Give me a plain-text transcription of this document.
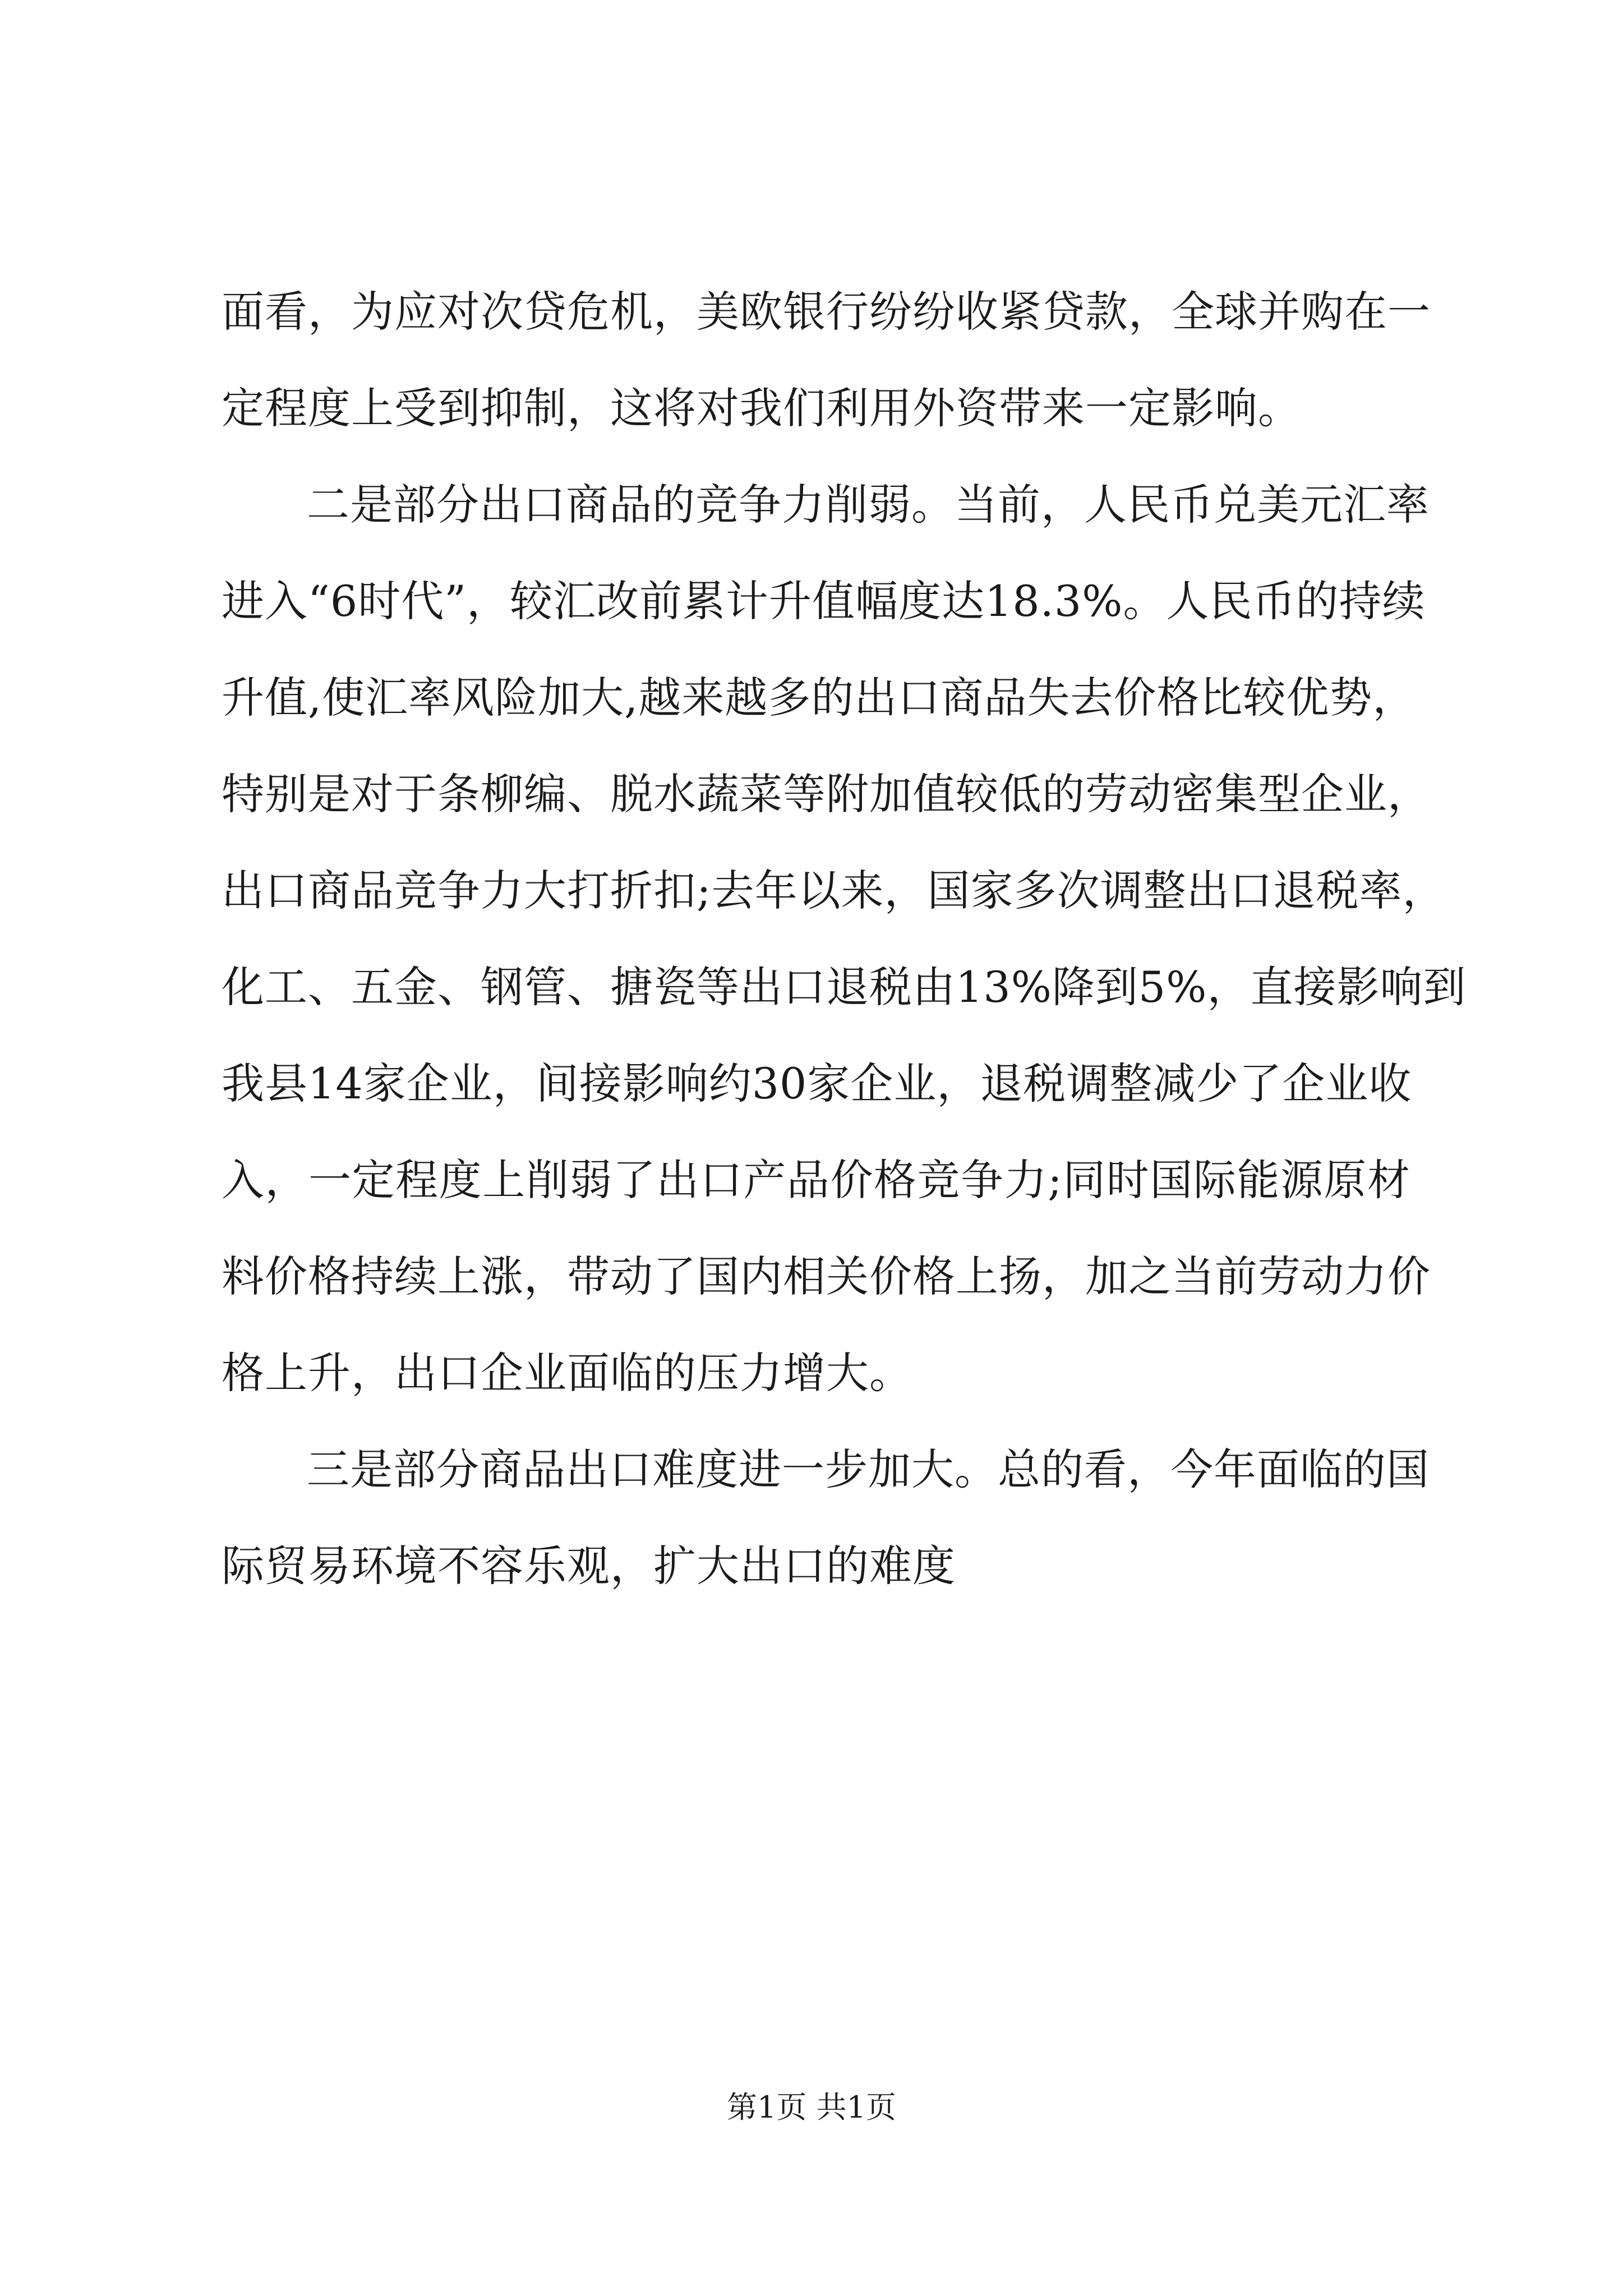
面看，为应对次贷危机，美欧银行纷纷收紧贷款，全球并购在一
定程度上受到抑制，这将对我们利用外资带来一定影响。
二是部分出口商品的竞争力削弱。当前，人民币兑美元汇率
进入“6时代”，较汇改前累计升值幅度达18.3%。人民币的持续
升值,使汇率风险加大,越来越多的出口商品失去价格比较优势，
特别是对于条柳编、脱水蔬菜等附加值较低的劳动密集型企业，
出口商品竞争力大打折扣;去年以来，国家多次调整出口退税率，
化工、五金、钢管、搪瓷等出口退税由13%降到5%，直接影响到
我县14家企业，间接影响约30家企业，退税调整减少了企业收
入，一定程度上削弱了出口产品价格竞争力;同时国际能源原材
料价格持续上涨，带动了国内相关价格上扬，加之当前劳动力价
格上升，出口企业面临的压力增大。
三是部分商品出口难度进一步加大。总的看，今年面临的国
际贸易环境不容乐观，扩大出口的难度
第1页 共1页
